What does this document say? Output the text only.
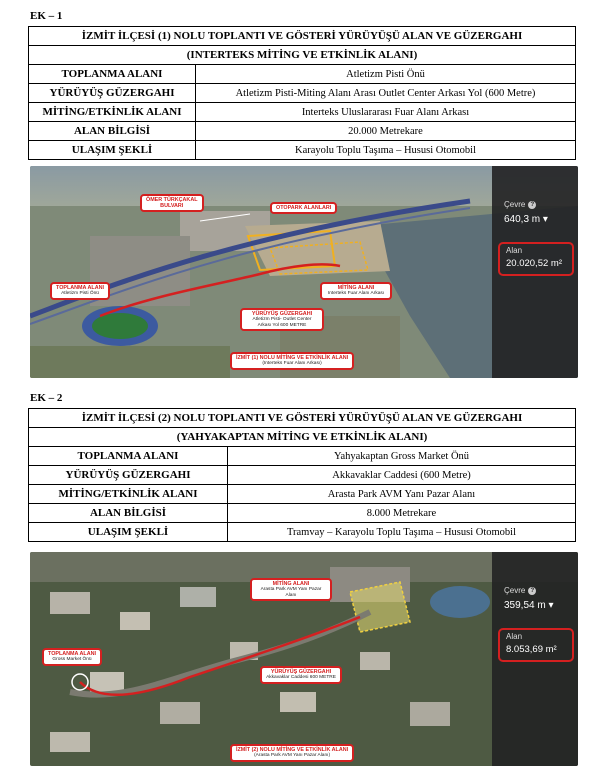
EK – 1
İZMİT İLÇESİ (1) NOLU TOPLANTI VE GÖSTERİ YÜRÜYÜŞÜ ALAN VE GÜZERGAHI	
(INTERTEKS MİTİNG VE ETKİNLİK ALANI)	
TOPLANMA ALANI	Atletizm Pisti Önü
YÜRÜYÜŞ GÜZERGAHI	Atletizm Pisti-Miting Alanı Arası Outlet Center Arkası Yol (600 Metre)
MİTİNG/ETKİNLİK ALANI	Interteks Uluslararası Fuar Alanı Arkası
ALAN BİLGİSİ	20.000 Metrekare
ULAŞIM ŞEKLİ	Karayolu Toplu Taşıma – Hususi Otomobil
ÖMER TÜRKÇAKAL
BULVARI	OTOPARK ALANLARI
TOPLANMA ALANI
Atletizm Pisti Önü
MİTİNG ALANI
Interteks Fuar Alanı Arkası
YÜRÜYÜŞ GÜZERGAHI
Atletizm Pisti- Outlet Center Arkası Yol 600 METRE
İZMİT (1) NOLU MİTİNG VE ETKİNLİK ALANI
(Interteks Fuar Alanı Arkası)
Çevre ?
640,3 m ▾
Alan
20.020,52 m²
EK – 2
İZMİT İLÇESİ (2) NOLU TOPLANTI VE GÖSTERİ YÜRÜYÜŞÜ ALAN VE GÜZERGAHI	
(YAHYAKAPTAN MİTİNG VE ETKİNLİK ALANI)	
TOPLANMA ALANI	Yahyakaptan Gross Market Önü
YÜRÜYÜŞ GÜZERGAHI	Akkavaklar Caddesi (600 Metre)
MİTİNG/ETKİNLİK ALANI	Arasta Park AVM Yanı Pazar Alanı
ALAN BİLGİSİ	8.000 Metrekare
ULAŞIM ŞEKLİ	Tramvay – Karayolu Toplu Taşıma – Hususi Otomobil
MİTİNG ALANI
Arasta Park AVM Yanı Pazar Alanı
TOPLANMA ALANI
Gross Market Önü
YÜRÜYÜŞ GÜZERGAHI
Akkavaklar Caddesi 600 METRE
İZMİT (2) NOLU MİTİNG VE ETKİNLİK ALANI
(Arasta Park AVM Yanı Pazar Alanı)
Çevre ?
359,54 m ▾
Alan
8.053,69 m²
